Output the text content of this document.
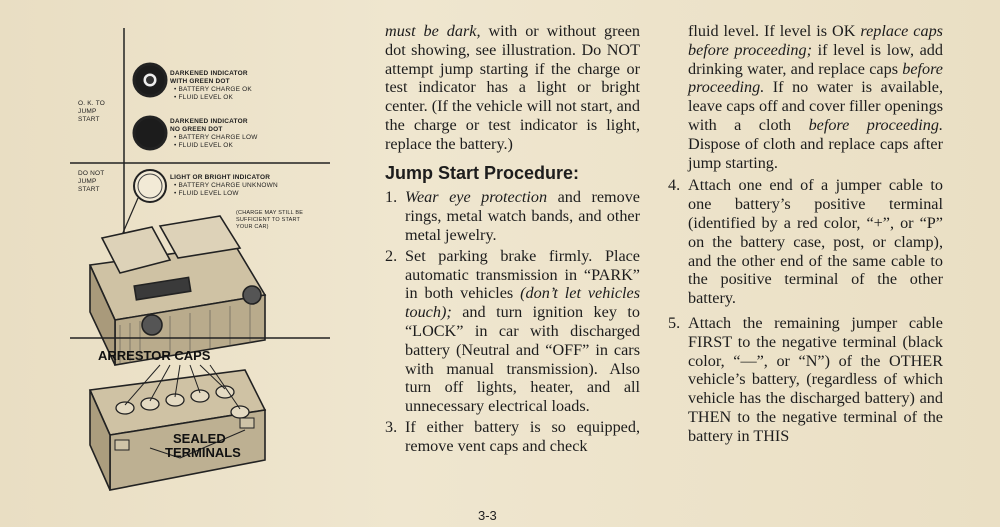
O. K. TO
JUMP
START
DO NOT
JUMP
START
DARKENED INDICATOR
WITH GREEN DOT
• BATTERY CHARGE OK
• FLUID LEVEL OK
DARKENED INDICATOR
NO GREEN DOT
• BATTERY CHARGE LOW
• FLUID LEVEL OK
LIGHT OR BRIGHT INDICATOR
• BATTERY CHARGE UNKNOWN
• FLUID LEVEL LOW
(CHARGE MAY STILL BE
SUFFICIENT TO START
YOUR CAR)
ARRESTOR CAPS
SEALED
TERMINALS

must be dark, with or without green dot showing, see illustration. Do NOT attempt jump starting if the charge or test indicator has a light or bright center. (If the vehicle will not start, and the charge or test indicator is light, replace the battery.)

Jump Start Procedure:
1. Wear eye protection and remove rings, metal watch bands, and other metal jewelry.
2. Set parking brake firmly. Place automatic transmission in “PARK” in both vehicles (don’t let vehicles touch); and turn ignition key to “LOCK” in car with discharged battery (Neutral and “OFF” in cars with manual transmission). Also turn off lights, heater, and all unnecessary electrical loads.
3. If either battery is so equipped, remove vent caps and check

fluid level. If level is OK replace caps before proceeding; if level is low, add drinking water, and replace caps before proceeding. If no water is available, leave caps off and cover filler openings with a cloth before proceeding. Dispose of cloth and replace caps after jump starting.

4. Attach one end of a jumper cable to one battery’s positive terminal (identified by a red color, “+”, or “P” on the battery case, post, or clamp), and the other end of the same cable to the positive terminal of the other battery.
5. Attach the remaining jumper cable FIRST to the negative terminal (black color, “—”, or “N”) of the OTHER vehicle’s battery, (regardless of which vehicle has the discharged battery) and THEN to the negative terminal of the battery in THIS
3-3
